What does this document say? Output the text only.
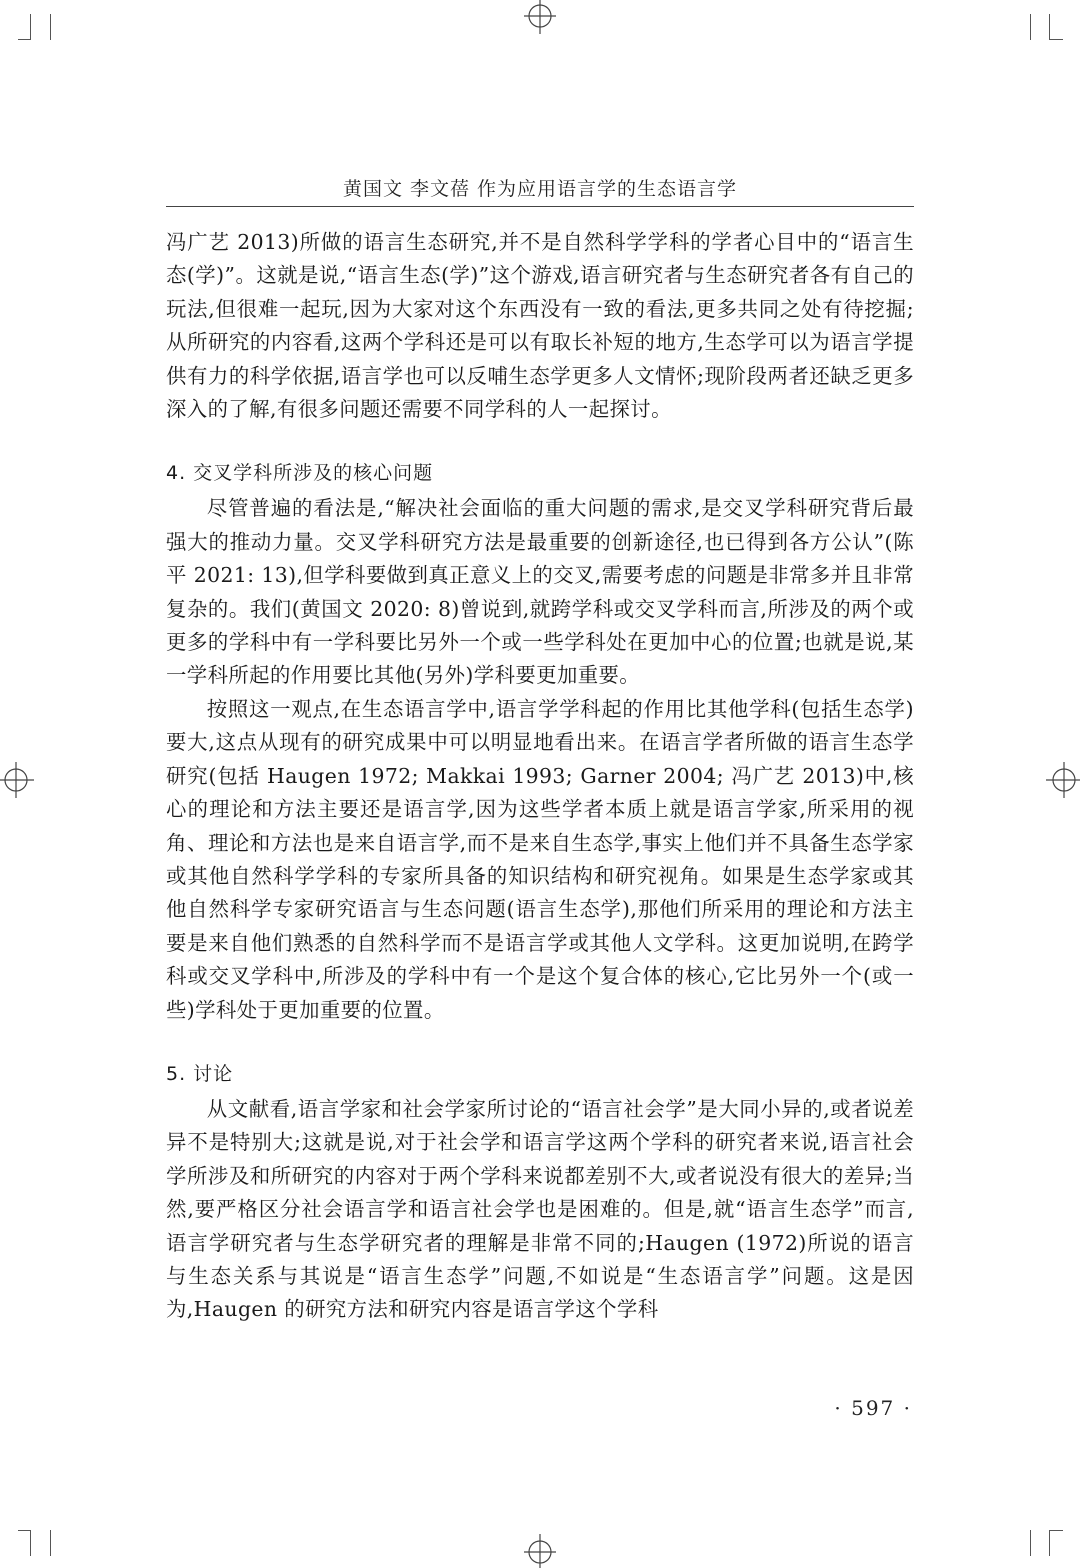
黄国文 李文蓓 作为应用语言学的生态语言学

冯广艺 2013)所做的语言生态研究,并不是自然科学学科的学者心目中的“语言生态(学)”。这就是说,“语言生态(学)”这个游戏,语言研究者与生态研究者各有自己的玩法,但很难一起玩,因为大家对这个东西没有一致的看法,更多共同之处有待挖掘;从所研究的内容看,这两个学科还是可以有取长补短的地方,生态学可以为语言学提供有力的科学依据,语言学也可以反哺生态学更多人文情怀;现阶段两者还缺乏更多深入的了解,有很多问题还需要不同学科的人一起探讨。

4. 交叉学科所涉及的核心问题

尽管普遍的看法是,“解决社会面临的重大问题的需求,是交叉学科研究背后最强大的推动力量。交叉学科研究方法是最重要的创新途径,也已得到各方公认”(陈平 2021: 13),但学科要做到真正意义上的交叉,需要考虑的问题是非常多并且非常复杂的。我们(黄国文 2020: 8)曾说到,就跨学科或交叉学科而言,所涉及的两个或更多的学科中有一学科要比另外一个或一些学科处在更加中心的位置;也就是说,某一学科所起的作用要比其他(另外)学科要更加重要。

按照这一观点,在生态语言学中,语言学学科起的作用比其他学科(包括生态学)要大,这点从现有的研究成果中可以明显地看出来。在语言学者所做的语言生态学研究(包括 Haugen 1972; Makkai 1993; Garner 2004; 冯广艺 2013)中,核心的理论和方法主要还是语言学,因为这些学者本质上就是语言学家,所采用的视角、理论和方法也是来自语言学,而不是来自生态学,事实上他们并不具备生态学家或其他自然科学学科的专家所具备的知识结构和研究视角。如果是生态学家或其他自然科学专家研究语言与生态问题(语言生态学),那他们所采用的理论和方法主要是来自他们熟悉的自然科学而不是语言学或其他人文学科。这更加说明,在跨学科或交叉学科中,所涉及的学科中有一个是这个复合体的核心,它比另外一个(或一些)学科处于更加重要的位置。

5. 讨论

从文献看,语言学家和社会学家所讨论的“语言社会学”是大同小异的,或者说差异不是特别大;这就是说,对于社会学和语言学这两个学科的研究者来说,语言社会学所涉及和所研究的内容对于两个学科来说都差别不大,或者说没有很大的差异;当然,要严格区分社会语言学和语言社会学也是困难的。但是,就“语言生态学”而言,语言学研究者与生态学研究者的理解是非常不同的;Haugen (1972)所说的语言与生态关系与其说是“语言生态学”问题,不如说是“生态语言学”问题。这是因为,Haugen 的研究方法和研究内容是语言学这个学科

· 597 ·
